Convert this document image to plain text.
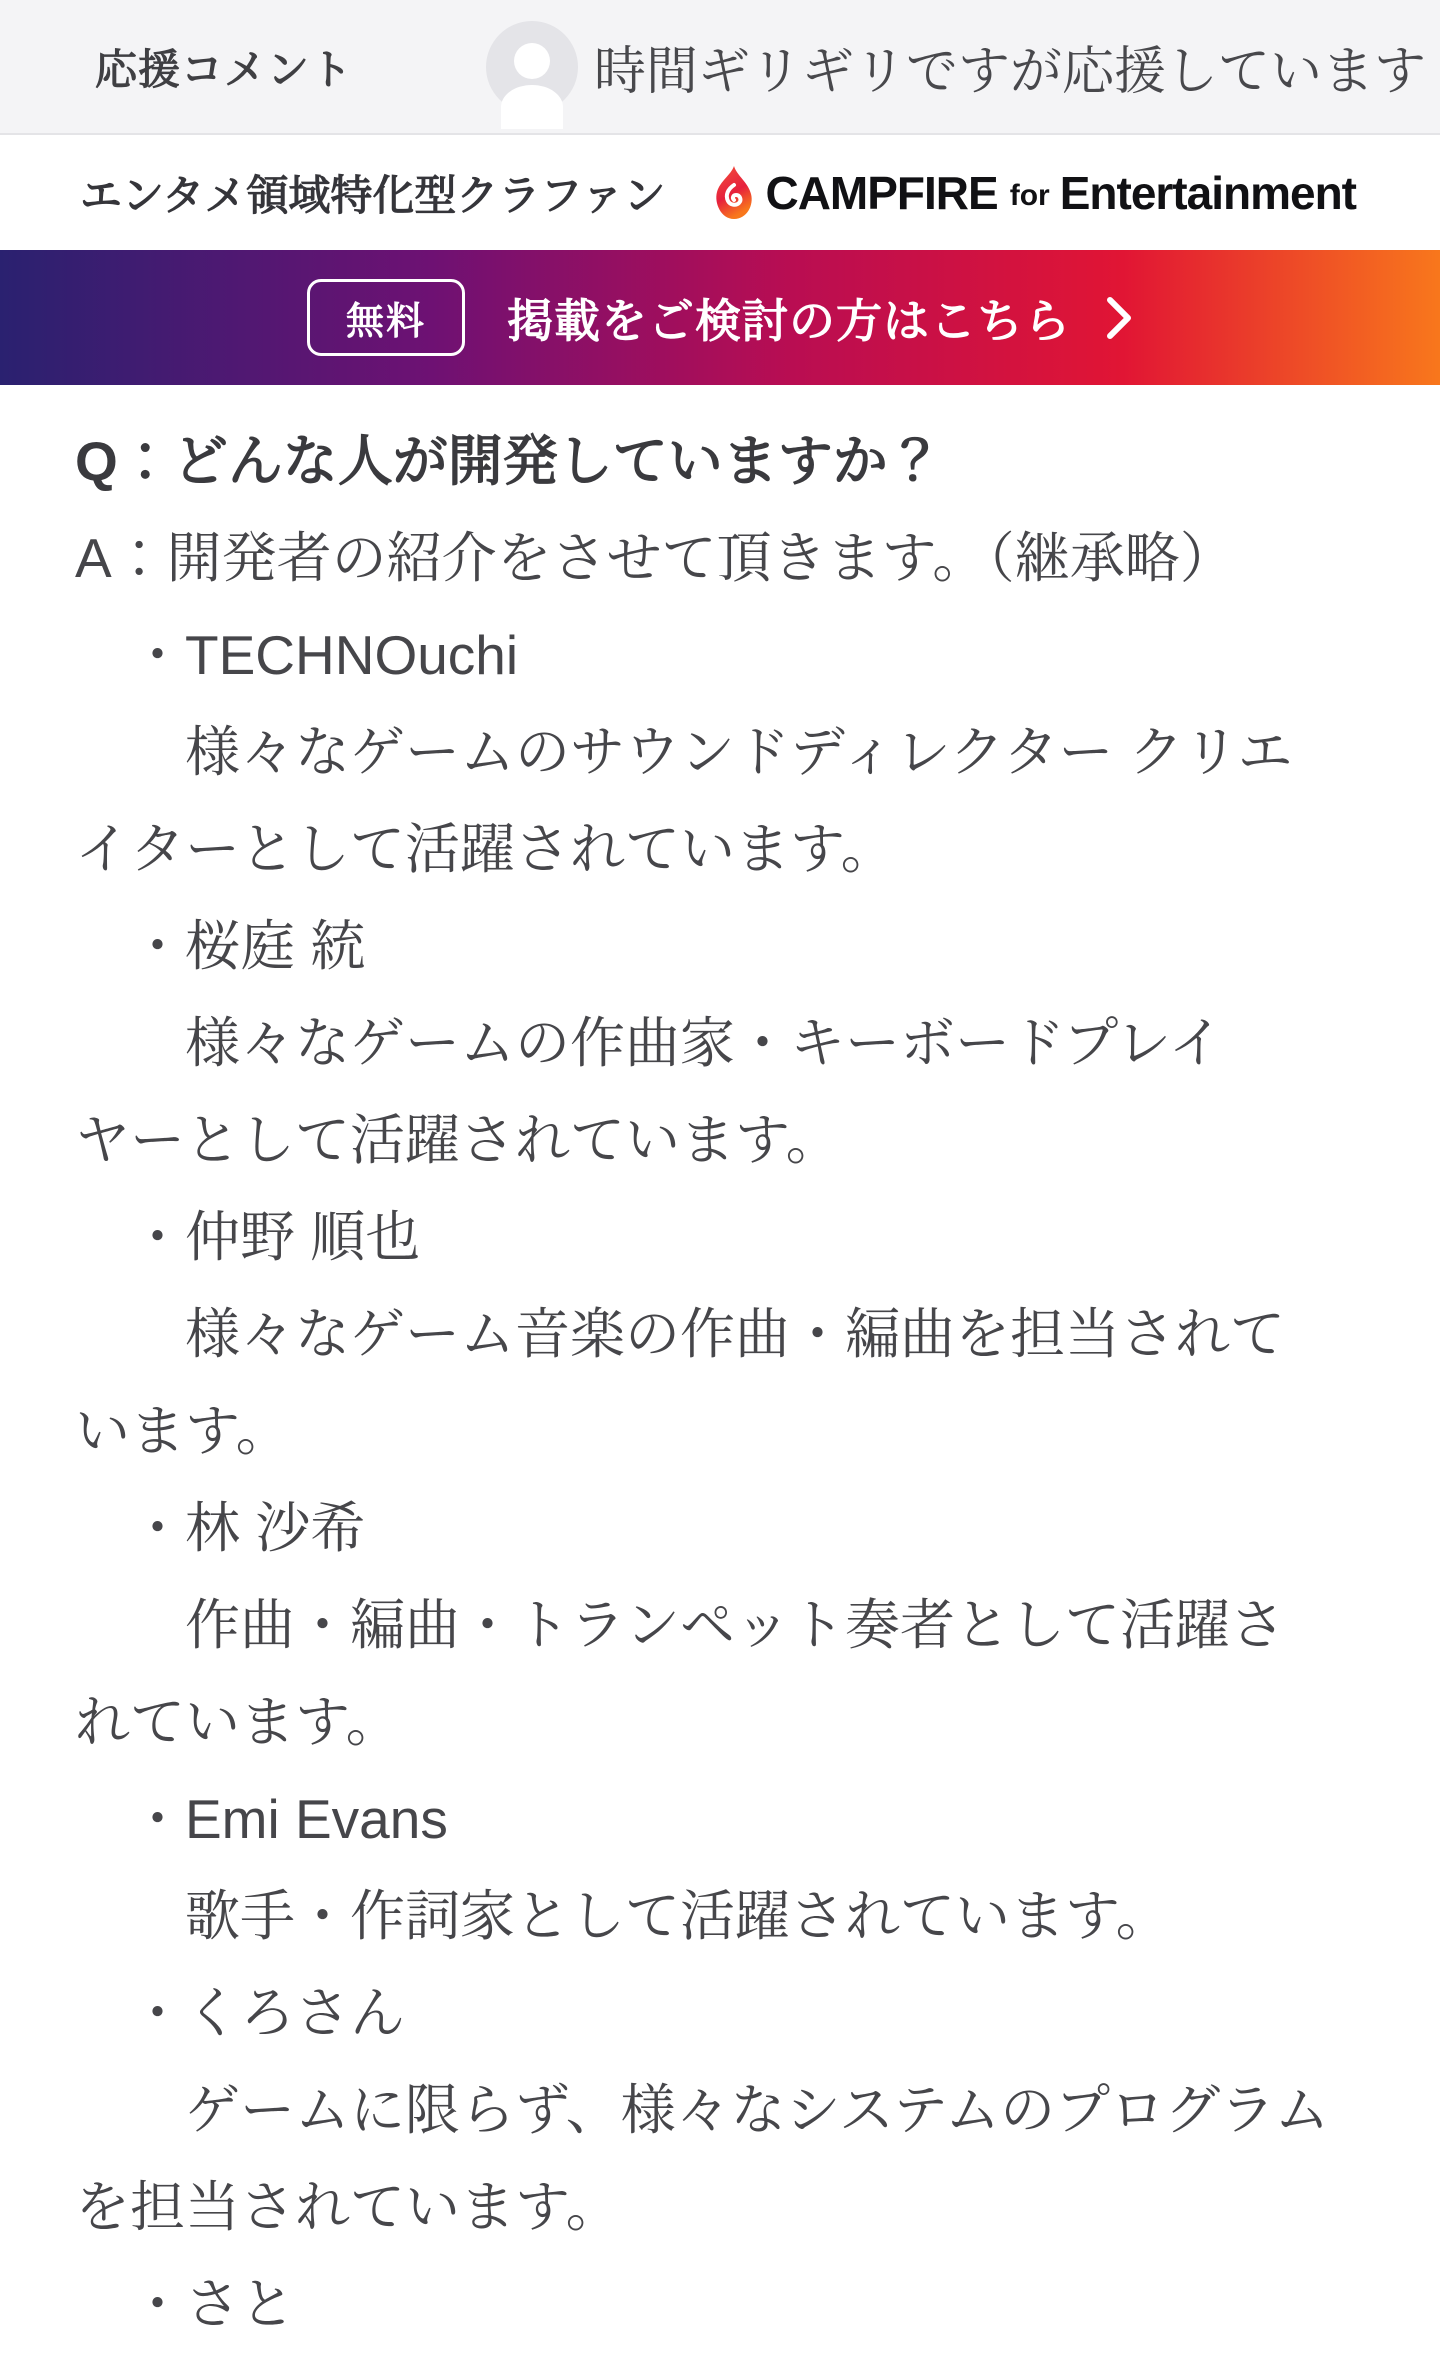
応援コメント	時間ギリギリですが応援しています
エンタメ領域特化型クラファン CAMPFIRE for Entertainment
無料	掲載をご検討の方はこちら
Q：どんな人が開発していますか？
A：開発者の紹介をさせて頂きます。（継承略）
　・TECHNOuchi
　　様々なゲームのサウンドディレクター クリエ
イターとして活躍されています。
　・桜庭 統
　　様々なゲームの作曲家・キーボードプレイ
ヤーとして活躍されています。
　・仲野 順也
　　様々なゲーム音楽の作曲・編曲を担当されて
います。
　・林 沙希
　　作曲・編曲・トランペット奏者として活躍さ
れています。
　・Emi Evans
　　歌手・作詞家として活躍されています。
　・くろさん
　　ゲームに限らず、様々なシステムのプログラム
を担当されています。
　・さと
